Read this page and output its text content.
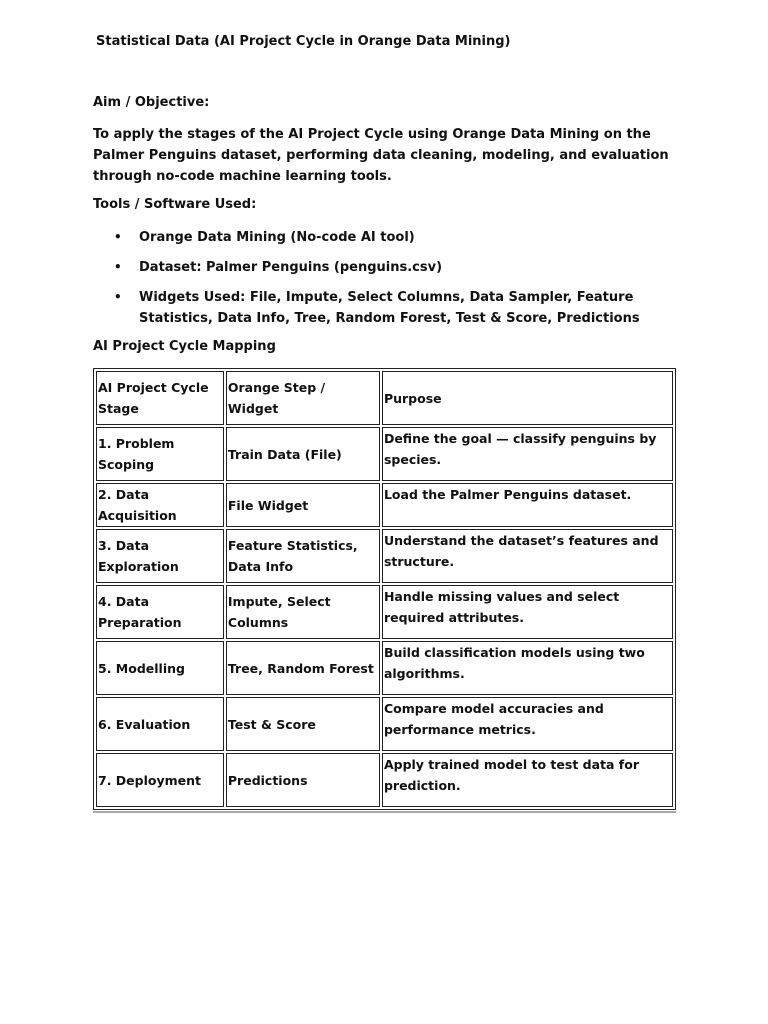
Statistical Data (AI Project Cycle in Orange Data Mining)
Aim / Objective:
To apply the stages of the AI Project Cycle using Orange Data Mining on the Palmer Penguins dataset, performing data cleaning, modeling, and evaluation through no-code machine learning tools.
Tools / Software Used:
• Orange Data Mining (No-code AI tool)
• Dataset: Palmer Penguins (penguins.csv)
• Widgets Used: File, Impute, Select Columns, Data Sampler, Feature Statistics, Data Info, Tree, Random Forest, Test & Score, Predictions
AI Project Cycle Mapping
AI Project Cycle Stage	Orange Step / Widget	Purpose
1. Problem Scoping	Train Data (File)	Define the goal — classify penguins by species.
2. Data Acquisition	File Widget	Load the Palmer Penguins dataset.
3. Data Exploration	Feature Statistics, Data Info	Understand the dataset’s features and structure.
4. Data Preparation	Impute, Select Columns	Handle missing values and select required attributes.
5. Modelling	Tree, Random Forest	Build classification models using two algorithms.
6. Evaluation	Test & Score	Compare model accuracies and performance metrics.
7. Deployment	Predictions	Apply trained model to test data for prediction.
